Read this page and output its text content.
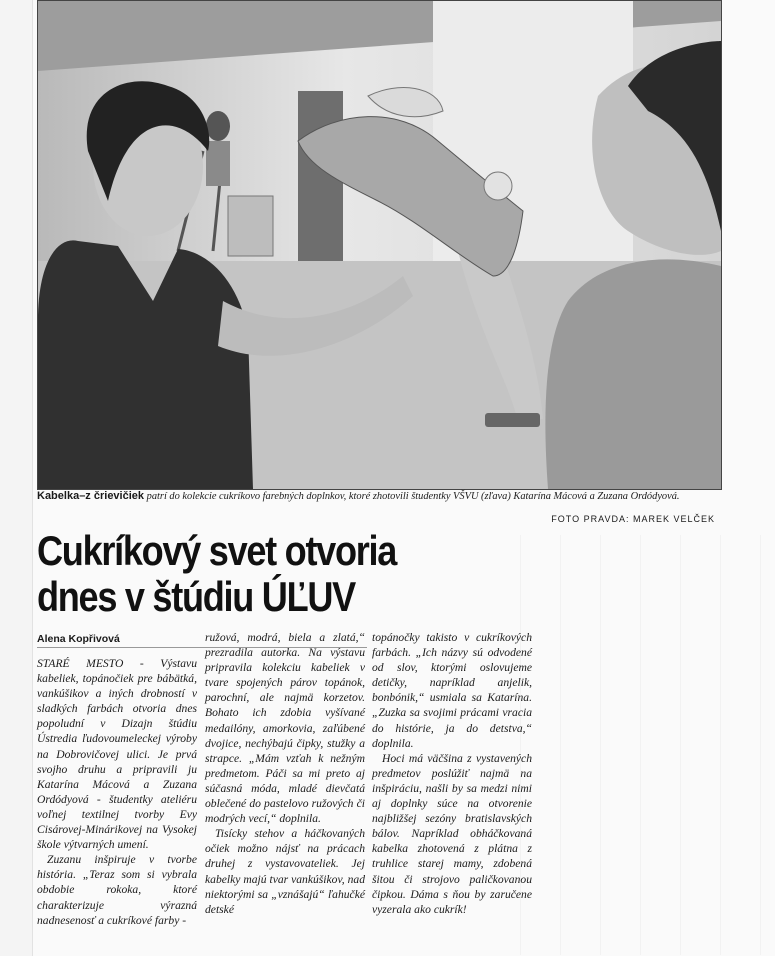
Kabelka–z črievičiek patrí do kolekcie cukríkovo farebných doplnkov, ktoré zhotovili študentky VŠVU (zľava) Katarína Mácová a Zuzana Ordódyová.
FOTO PRAVDA: MAREK VELČEK
Cukríkový svet otvoria
dnes v štúdiu ÚĽUV
Alena Kopřivová

STARÉ MESTO - Výstavu kabeliek, topánočiek pre bábätká, vankúšikov a iných drobností v sladkých farbách otvoria dnes popoludní v Dizajn štúdiu Ústredia ľudovoumeleckej výroby na Dobrovičovej ulici. Je prvá svojho druhu a pripravili ju Katarína Mácová a Zuzana Ordódyová - študentky ateliéru voľnej textilnej tvorby Evy Cisárovej-Minárikovej na Vysokej škole výtvarných umení.

Zuzanu inšpiruje v tvorbe história. „Teraz som si vybrala obdobie rokoka, ktoré charakterizuje výrazná nadnesenosť a cukríkové farby -

ružová, modrá, biela a zlatá,“ prezradila autorka. Na výstavu pripravila kolekciu kabeliek v tvare spojených párov topánok, parochní, ale najmä korzetov. Bohato ich zdobia vyšívané medailóny, amorkovia, zaľúbené dvojice, nechýbajú čipky, stužky a strapce. „Mám vzťah k nežným predmetom. Páči sa mi preto aj súčasná móda, mladé dievčatá oblečené do pastelovo ružových či modrých vecí,“ doplnila.

Tisícky stehov a háčkovaných očiek možno nájsť na prácach druhej z vystavovateliek. Jej kabelky majú tvar vankúšikov, nad niektorými sa „vznášajú“ ľahučké detské

topánočky takisto v cukríkových farbách. „Ich názvy sú odvodené od slov, ktorými oslovujeme detičky, napríklad anjelik, bonbónik,“ usmiala sa Katarína. „Zuzka sa svojimi prácami vracia do histórie, ja do detstva,“ doplnila.

Hoci má väčšina z vystavených predmetov poslúžiť najmä na inšpiráciu, našli by sa medzi nimi aj doplnky súce na otvorenie najbližšej sezóny bratislavských bálov. Napríklad obháčkovaná kabelka zhotovená z plátna z truhlice starej mamy, zdobená šitou či strojovo paličkovanou čipkou. Dáma s ňou by zaručene vyzerala ako cukrík!
